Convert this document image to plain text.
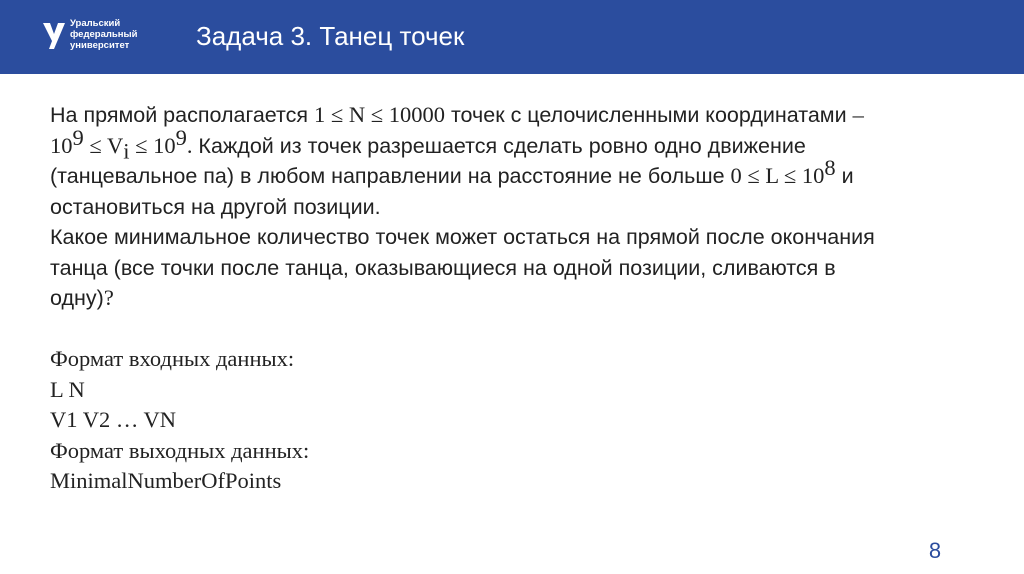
Уральский
федеральный
университет	Задача 3. Танец точек
На прямой располагается 1 ≤ N ≤ 10000 точек с целочисленными координатами –
$10^9 \le V_i \le 10^9$. Каждой из точек разрешается сделать ровно одно движение
(танцевальное па) в любом направлении на расстояние не больше $0 \le L \le 10^8$ и
остановиться на другой позиции.
Какое минимальное количество точек может остаться на прямой после окончания
танца (все точки после танца, оказывающиеся на одной позиции, сливаются в
одну)?
Формат входных данных:
L N
V1 V2 … VN
Формат выходных данных:
MinimalNumberOfPoints
8
